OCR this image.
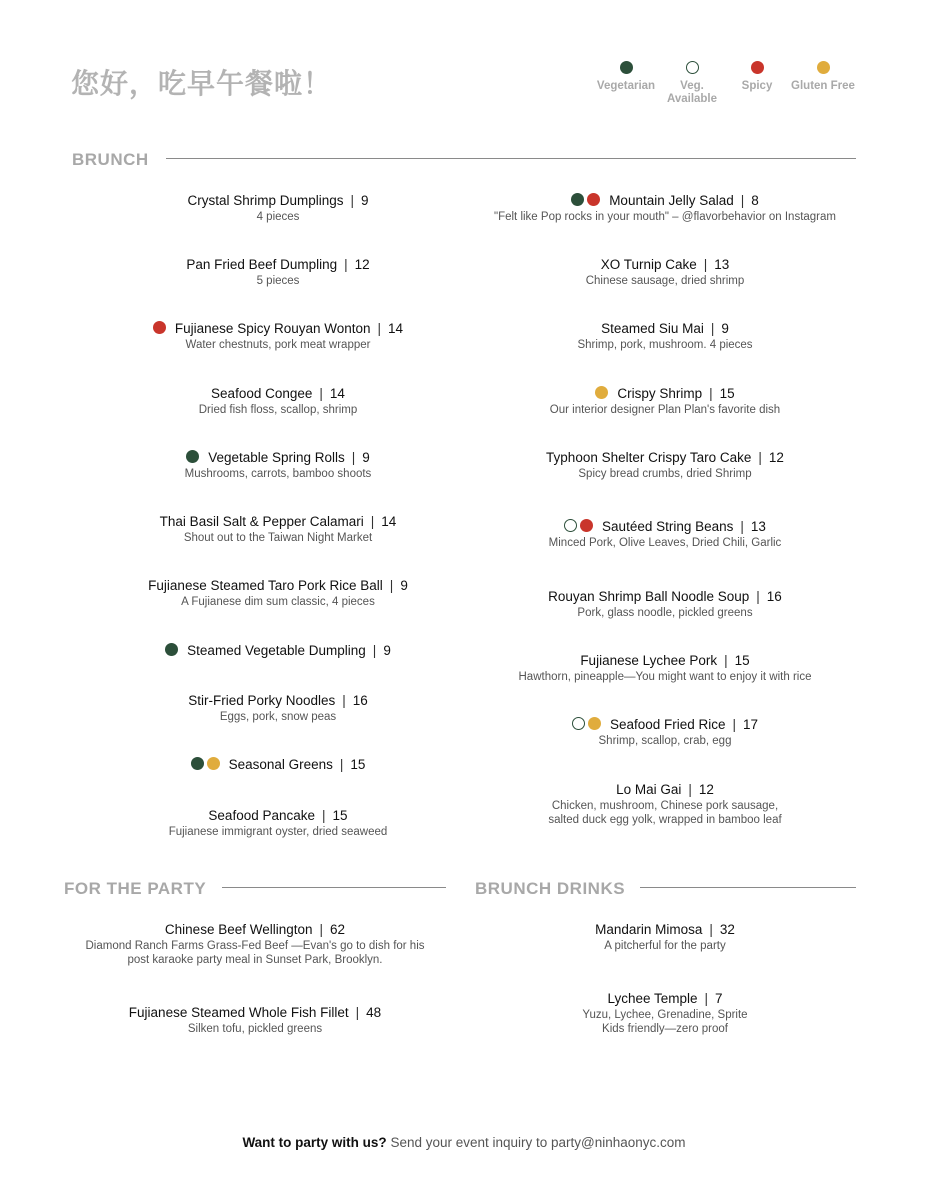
您好，吃早午餐啦！	Vegetarian	Veg.
Available
Spicy	Gluten Free
BRUNCH
FOR THE PARTY	BRUNCH DRINKS
Crystal Shrimp Dumplings | 9
4 pieces
Pan Fried Beef Dumpling | 12
5 pieces
Fujianese Spicy Rouyan Wonton | 14
Water chestnuts, pork meat wrapper
Seafood Congee | 14
Dried fish floss, scallop, shrimp
Vegetable Spring Rolls | 9
Mushrooms, carrots, bamboo shoots
Thai Basil Salt & Pepper Calamari | 14
Shout out to the Taiwan Night Market
Fujianese Steamed Taro Pork Rice Ball | 9
A Fujianese dim sum classic, 4 pieces
Steamed Vegetable Dumpling | 9
Stir-Fried Porky Noodles | 16
Eggs, pork, snow peas
Seasonal Greens | 15
Seafood Pancake | 15
Fujianese immigrant oyster, dried seaweed
Mountain Jelly Salad | 8
"Felt like Pop rocks in your mouth" – @flavorbehavior on Instagram
XO Turnip Cake | 13
Chinese sausage, dried shrimp
Steamed Siu Mai | 9
Shrimp, pork, mushroom. 4 pieces
Crispy Shrimp | 15
Our interior designer Plan Plan's favorite dish
Typhoon Shelter Crispy Taro Cake | 12
Spicy bread crumbs, dried Shrimp
Sautéed String Beans | 13
Minced Pork, Olive Leaves, Dried Chili, Garlic
Rouyan Shrimp Ball Noodle Soup | 16
Pork, glass noodle, pickled greens
Fujianese Lychee Pork | 15
Hawthorn, pineapple—You might want to enjoy it with rice
Seafood Fried Rice | 17
Shrimp, scallop, crab, egg
Lo Mai Gai | 12
Chicken, mushroom, Chinese pork sausage,
salted duck egg yolk, wrapped in bamboo leaf
Chinese Beef Wellington | 62
Diamond Ranch Farms Grass-Fed Beef —Evan's go to dish for his
post karaoke party meal in Sunset Park, Brooklyn.
Fujianese Steamed Whole Fish Fillet | 48
Silken tofu, pickled greens
Mandarin Mimosa | 32
A pitcherful for the party
Lychee Temple | 7
Yuzu, Lychee, Grenadine, Sprite
Kids friendly—zero proof
Want to party with us? Send your event inquiry to party@ninhaonyc.com
